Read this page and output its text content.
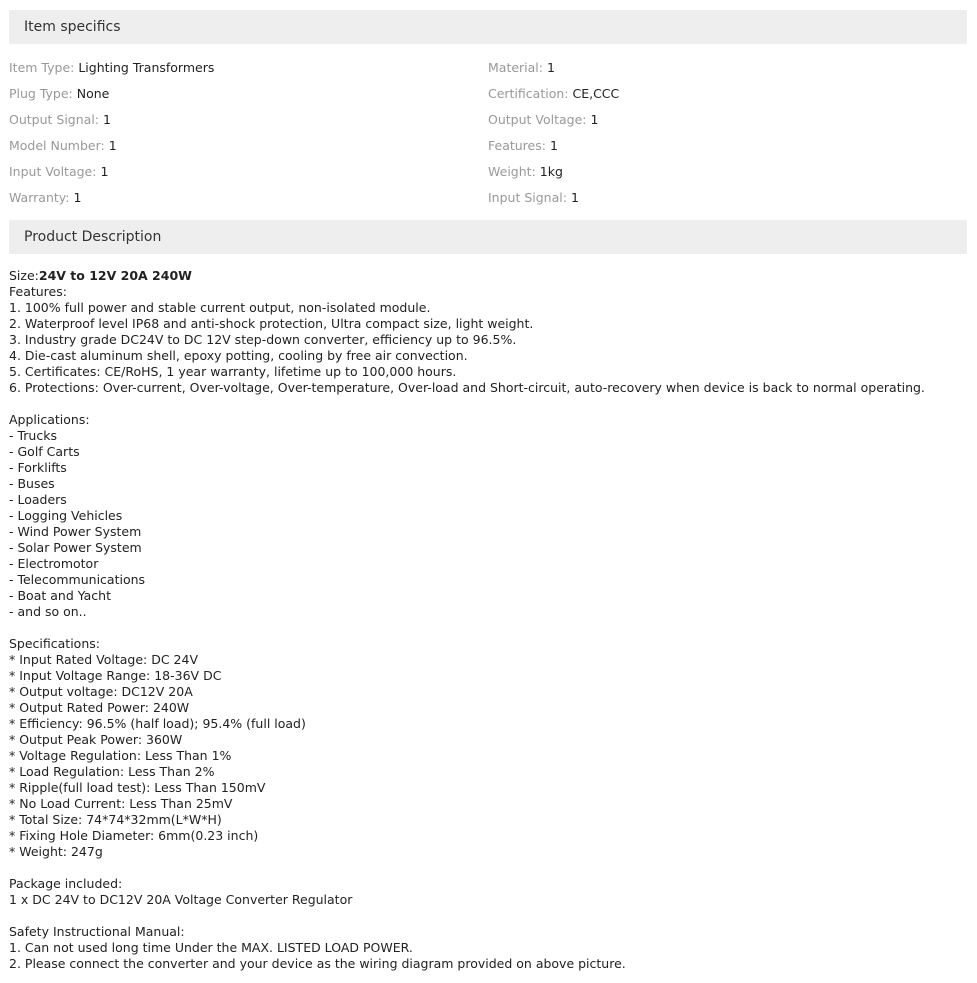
Item specifics
Item Type: Lighting Transformers
Plug Type: None
Output Signal: 1
Model Number: 1
Input Voltage: 1
Warranty: 1
Material: 1
Certification: CE,CCC
Output Voltage: 1
Features: 1
Weight: 1kg
Input Signal: 1
Product Description
Size:24V to 12V 20A 240W
Features:
1. 100% full power and stable current output, non-isolated module.
2. Waterproof level IP68 and anti-shock protection, Ultra compact size, light weight.
3. Industry grade DC24V to DC 12V step-down converter, efficiency up to 96.5%.
4. Die-cast aluminum shell, epoxy potting, cooling by free air convection.
5. Certificates: CE/RoHS, 1 year warranty, lifetime up to 100,000 hours.
6. Protections: Over-current, Over-voltage, Over-temperature, Over-load and Short-circuit, auto-recovery when device is back to normal operating.
Applications:
- Trucks
- Golf Carts
- Forklifts
- Buses
- Loaders
- Logging Vehicles
- Wind Power System
- Solar Power System
- Electromotor
- Telecommunications
- Boat and Yacht
- and so on..
Specifications:
* Input Rated Voltage: DC 24V
* Input Voltage Range: 18-36V DC
* Output voltage: DC12V 20A
* Output Rated Power: 240W
* Efficiency: 96.5% (half load); 95.4% (full load)
* Output Peak Power: 360W
* Voltage Regulation: Less Than 1%
* Load Regulation: Less Than 2%
* Ripple(full load test): Less Than 150mV
* No Load Current: Less Than 25mV
* Total Size: 74*74*32mm(L*W*H)
* Fixing Hole Diameter: 6mm(0.23 inch)
* Weight: 247g
Package included:
1 x DC 24V to DC12V 20A Voltage Converter Regulator
Safety Instructional Manual:
1. Can not used long time Under the MAX. LISTED LOAD POWER.
2. Please connect the converter and your device as the wiring diagram provided on above picture.
